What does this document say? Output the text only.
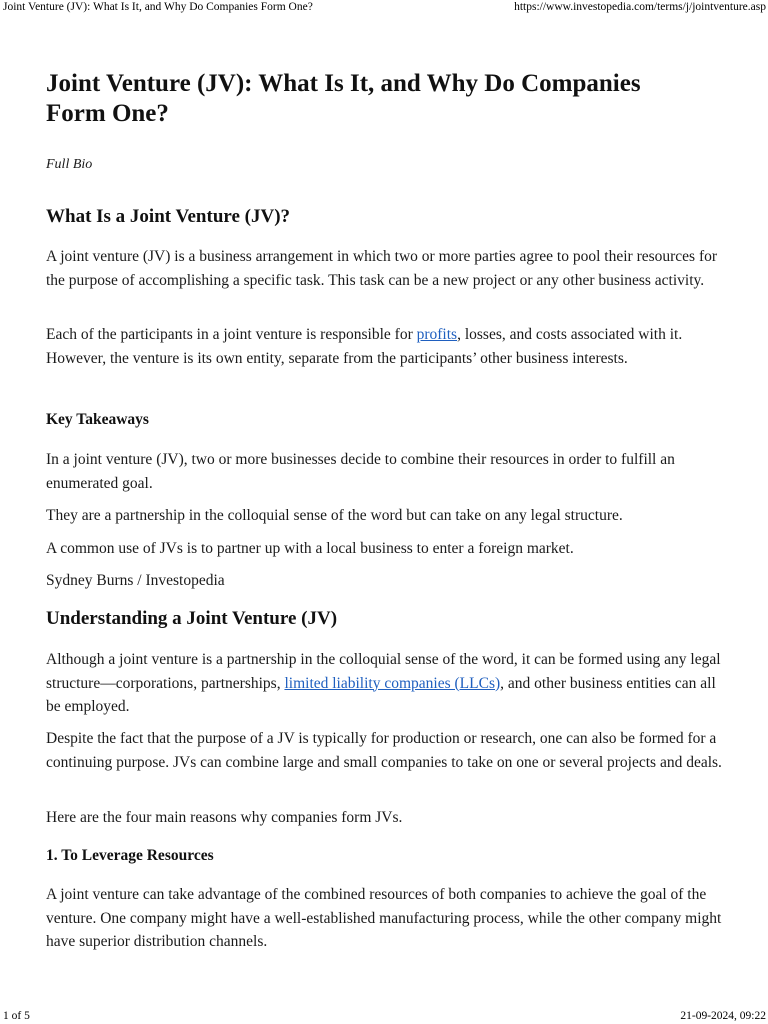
Joint Venture (JV): What Is It, and Why Do Companies Form One?	https://www.investopedia.com/terms/j/jointventure.asp
Joint Venture (JV): What Is It, and Why Do Companies Form One?
Full Bio
What Is a Joint Venture (JV)?

A joint venture (JV) is a business arrangement in which two or more parties agree to pool their resources for the purpose of accomplishing a specific task. This task can be a new project or any other business activity.

Each of the participants in a joint venture is responsible for profits, losses, and costs associated with it. However, the venture is its own entity, separate from the participants’ other business interests.

Key Takeaways

In a joint venture (JV), two or more businesses decide to combine their resources in order to fulfill an enumerated goal.

They are a partnership in the colloquial sense of the word but can take on any legal structure.

A common use of JVs is to partner up with a local business to enter a foreign market.

Sydney Burns / Investopedia

Understanding a Joint Venture (JV)

Although a joint venture is a partnership in the colloquial sense of the word, it can be formed using any legal structure—corporations, partnerships, limited liability companies (LLCs), and other business entities can all be employed.

Despite the fact that the purpose of a JV is typically for production or research, one can also be formed for a continuing purpose. JVs can combine large and small companies to take on one or several projects and deals.

Here are the four main reasons why companies form JVs.

1. To Leverage Resources

A joint venture can take advantage of the combined resources of both companies to achieve the goal of the venture. One company might have a well-established manufacturing process, while the other company might have superior distribution channels.

1 of 5	21-09-2024, 09:22
